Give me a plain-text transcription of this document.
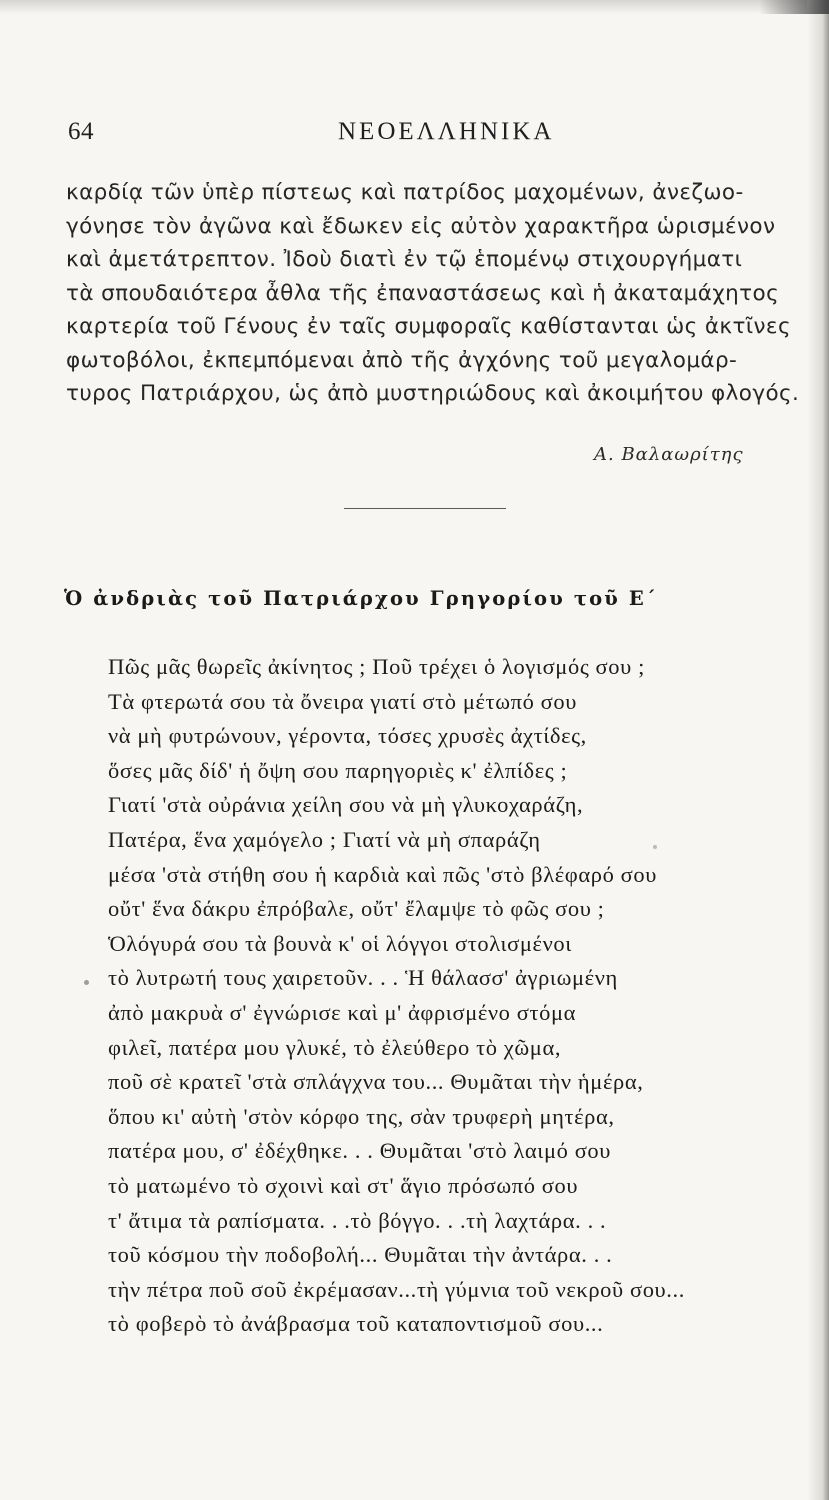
64	ΝΕΟΕΛΛΗΝΙΚΑ
καρδίᾳ τῶν ὑπὲρ πίστεως καὶ πατρίδος μαχομένων, ἀνεζωο-
γόνησε τὸν ἀγῶνα καὶ ἔδωκεν εἰς αὐτὸν χαρακτῆρα ὡρισμένον
καὶ ἀμετάτρεπτον. Ἰδοὺ διατὶ ἐν τῷ ἑπομένῳ στιχουργήματι
τὰ σπουδαιότερα ἆθλα τῆς ἐπαναστάσεως καὶ ἡ ἀκαταμάχητος
καρτερία τοῦ Γένους ἐν ταῖς συμφοραῖς καθίστανται ὡς ἀκτῖνες
φωτοβόλοι, ἐκπεμπόμεναι ἀπὸ τῆς ἀγχόνης τοῦ μεγαλομάρ-
τυρος Πατριάρχου, ὡς ἀπὸ μυστηριώδους καὶ ἀκοιμήτου φλογός.
Α. Βαλαωρίτης
Ὁ ἀνδριὰς τοῦ Πατριάρχου Γρηγορίου τοῦ Ε΄
Πῶς μᾶς θωρεῖς ἀκίνητος ; Ποῦ τρέχει ὁ λογισμός σου ;
Τὰ φτερωτά σου τὰ ὄνειρα γιατί στὸ μέτωπό σου
νὰ μὴ φυτρώνουν, γέροντα, τόσες χρυσὲς ἀχτίδες,
ὅσες μᾶς δίδ' ἡ ὄψη σου παρηγοριὲς κ' ἐλπίδες ;
Γιατί 'στὰ οὐράνια χείλη σου νὰ μὴ γλυκοχαράζη,
Πατέρα, ἕνα χαμόγελο ; Γιατί νὰ μὴ σπαράζη
μέσα 'στὰ στήθη σου ἡ καρδιὰ καὶ πῶς 'στὸ βλέφαρό σου
οὔτ' ἕνα δάκρυ ἐπρόβαλε, οὔτ' ἔλαμψε τὸ φῶς σου ;
Ὁλόγυρά σου τὰ βουνὰ κ' οἱ λόγγοι στολισμένοι
τὸ λυτρωτή τους χαιρετοῦν. . . Ἡ θάλασσ' ἀγριωμένη
ἀπὸ μακρυὰ σ' ἐγνώρισε καὶ μ' ἀφρισμένο στόμα
φιλεῖ, πατέρα μου γλυκέ, τὸ ἐλεύθερο τὸ χῶμα,
ποῦ σὲ κρατεῖ 'στὰ σπλάγχνα του... Θυμᾶται τὴν ἡμέρα,
ὅπου κι' αὐτὴ 'στὸν κόρφο της, σὰν τρυφερὴ μητέρα,
πατέρα μου, σ' ἐδέχθηκε. . . Θυμᾶται 'στὸ λαιμό σου
τὸ ματωμένο τὸ σχοινὶ καὶ στ' ἅγιο πρόσωπό σου
τ' ἄτιμα τὰ ραπίσματα. . .τὸ βόγγο. . .τὴ λαχτάρα. . .
τοῦ κόσμου τὴν ποδοβολή... Θυμᾶται τὴν ἀντάρα. . .
τὴν πέτρα ποῦ σοῦ ἐκρέμασαν...τὴ γύμνια τοῦ νεκροῦ σου...
τὸ φοβερὸ τὸ ἀνάβρασμα τοῦ καταποντισμοῦ σου...
